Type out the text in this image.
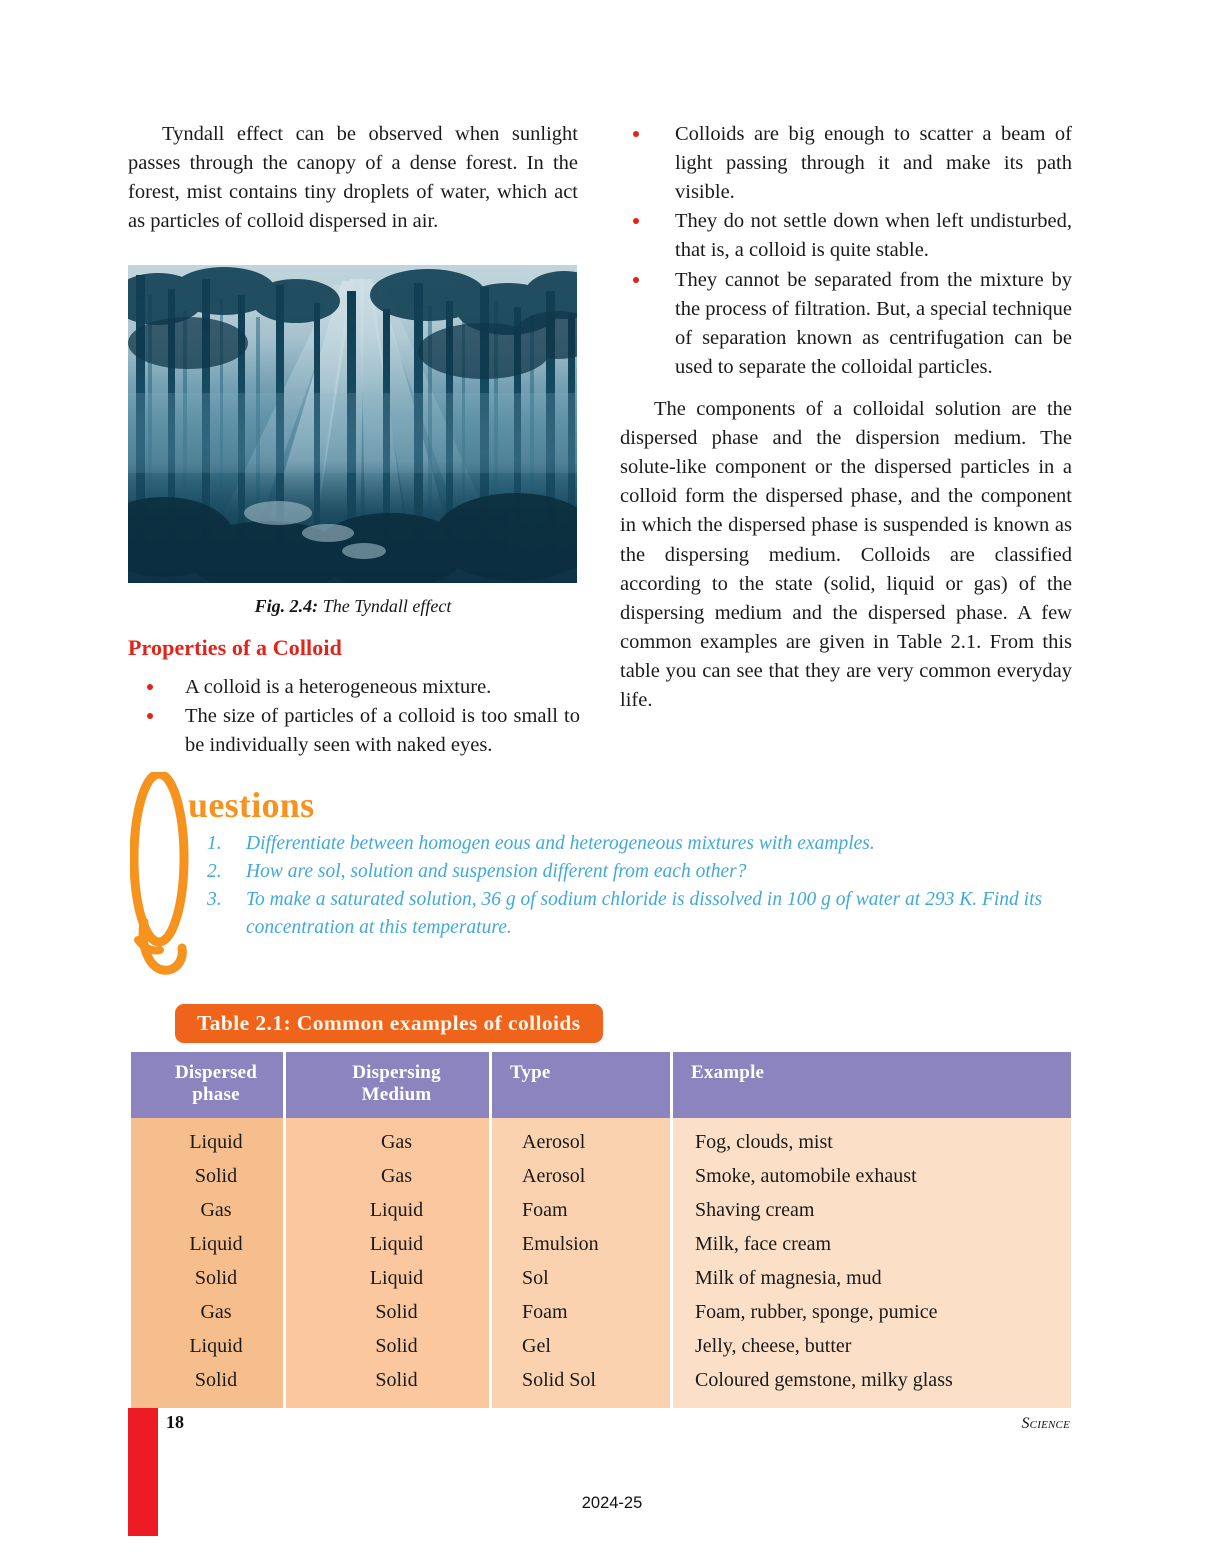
Tyndall effect can be observed when sunlight passes through the canopy of a dense forest. In the forest, mist contains tiny droplets of water, which act as particles of colloid dispersed in air.

Fig. 2.4: The Tyndall effect
Properties of a Colloid
A colloid is a heterogeneous mixture.
The size of particles of a colloid is too small to be individually seen with naked eyes.
Colloids are big enough to scatter a beam of light passing through it and make its path visible.
They do not settle down when left undisturbed, that is, a colloid is quite stable.
They cannot be separated from the mixture by the process of filtration. But, a special technique of separation known as centrifugation can be used to separate the colloidal particles.

The components of a colloidal solution are the dispersed phase and the dispersion medium. The solute-like component or the dispersed particles in a colloid form the dispersed phase, and the component in which the dispersed phase is suspended is known as the dispersing medium. Colloids are classified according to the state (solid, liquid or gas) of the dispersing medium and the dispersed phase. A few common examples are given in Table 2.1. From this table you can see that they are very common everyday life.

uestions
1. Differentiate between homogen eous and heterogeneous mixtures with examples.
2. How are sol, solution and suspension different from each other?
3. To make a saturated solution, 36 g of sodium chloride is dissolved in 100 g of water at 293 K. Find its concentration at this temperature.
Table 2.1: Common examples of colloids
Dispersed
phase	Dispersing
Medium	Type	Example
Liquid	Gas	Aerosol	Fog, clouds, mist
Solid	Gas	Aerosol	Smoke, automobile exhaust
Gas	Liquid	Foam	Shaving cream
Liquid	Liquid	Emulsion	Milk, face cream
Solid	Liquid	Sol	Milk of magnesia, mud
Gas	Solid	Foam	Foam, rubber, sponge, pumice
Liquid	Solid	Gel	Jelly, cheese, butter
Solid	Solid	Solid Sol	Coloured gemstone, milky glass
18	Science
2024-25
